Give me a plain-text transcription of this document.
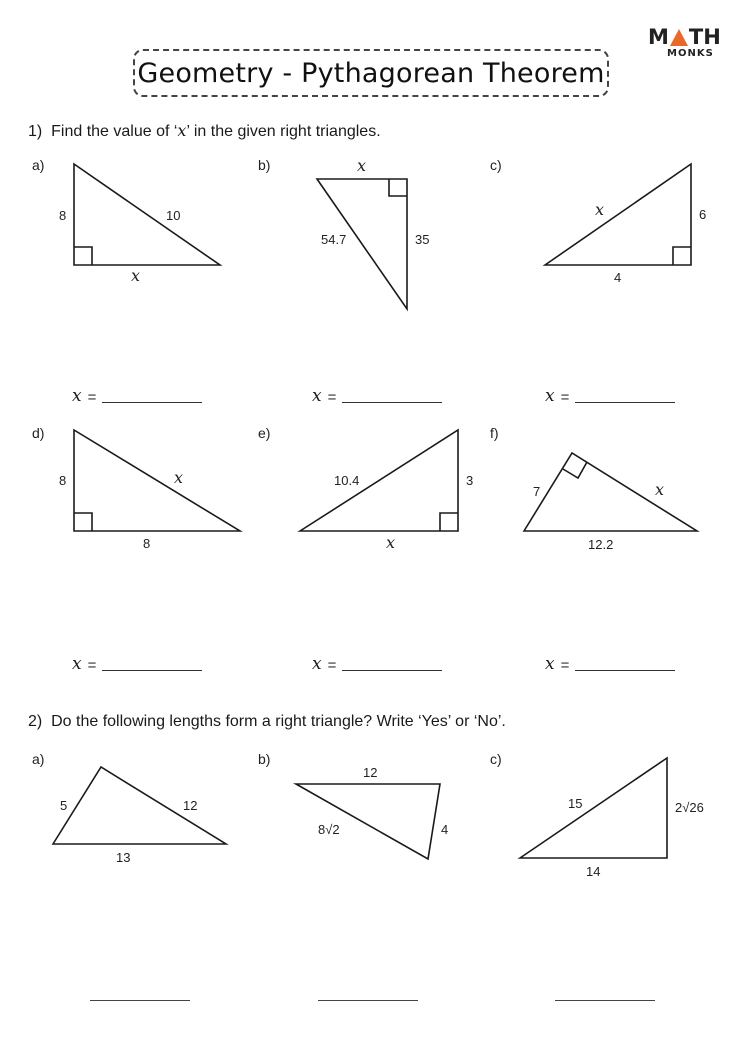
Geometry - Pythagorean Theorem
M TH
MONKS
1) Find the value of ‘x’ in the given right triangles.
a)	b)	c)
d)	e)	f)
8	10
x
x
54.7	35
x	6
4
8	x
8
10.4	3
x
7	x
12.2
5	12
13
12
8√2	4
15	2√26
14
x =	x =	x =
x =	x =	x =
2) Do the following lengths form a right triangle? Write ‘Yes’ or ‘No’.
a)	b)	c)
